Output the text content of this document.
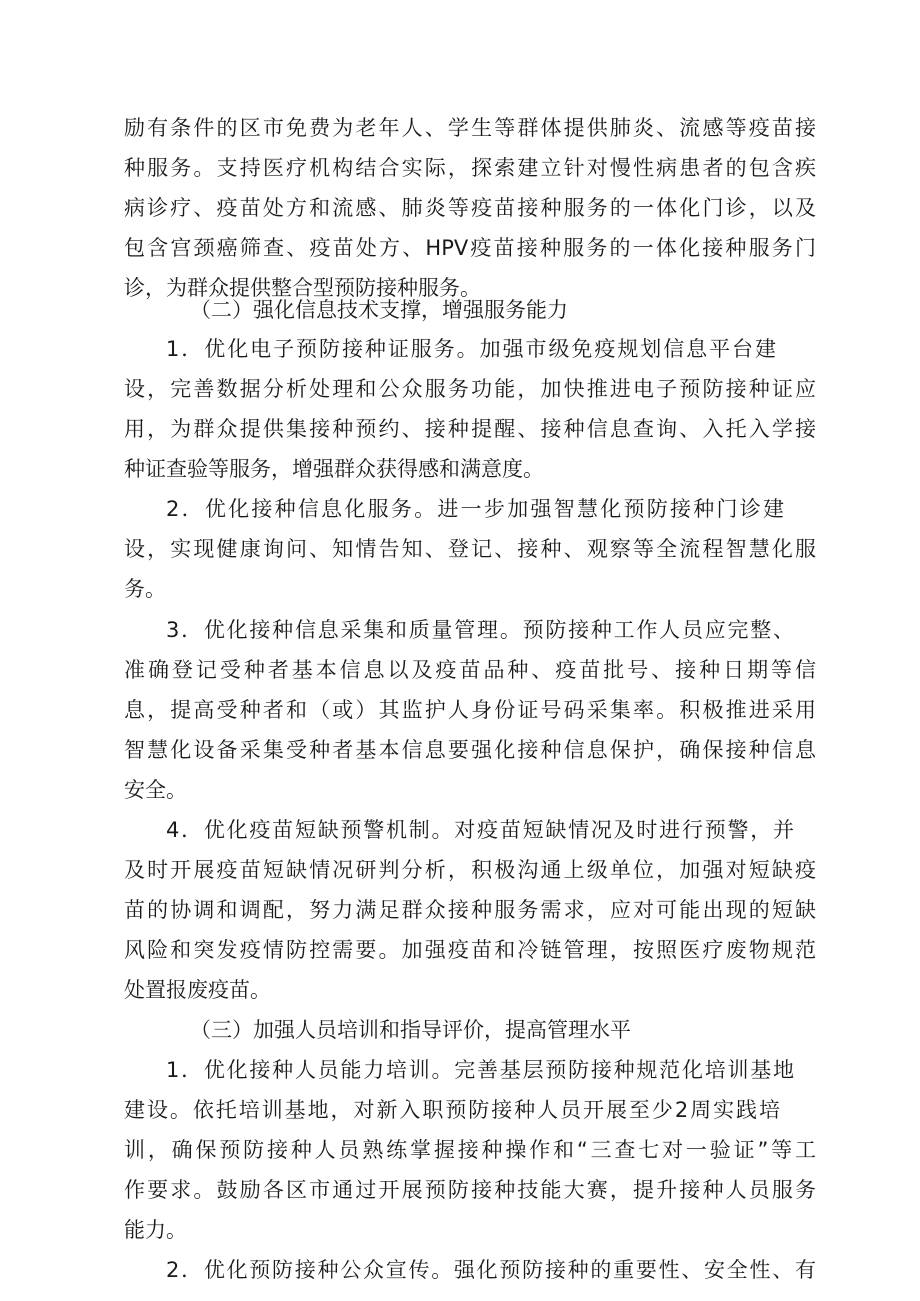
励有条件的区市免费为老年人、学生等群体提供肺炎、流感等疫苗接
种服务。支持医疗机构结合实际，探索建立针对慢性病患者的包含疾
病诊疗、疫苗处方和流感、肺炎等疫苗接种服务的一体化门诊，以及
包含宫颈癌筛查、疫苗处方、HPV疫苗接种服务的一体化接种服务门
诊，为群众提供整合型预防接种服务。
（二）强化信息技术支撑，增强服务能力
1．优化电子预防接种证服务。加强市级免疫规划信息平台建
设，完善数据分析处理和公众服务功能，加快推进电子预防接种证应
用，为群众提供集接种预约、接种提醒、接种信息查询、入托入学接
种证查验等服务，增强群众获得感和满意度。
2．优化接种信息化服务。进一步加强智慧化预防接种门诊建
设，实现健康询问、知情告知、登记、接种、观察等全流程智慧化服
务。
3．优化接种信息采集和质量管理。预防接种工作人员应完整、
准确登记受种者基本信息以及疫苗品种、疫苗批号、接种日期等信
息，提高受种者和（或）其监护人身份证号码采集率。积极推进采用
智慧化设备采集受种者基本信息要强化接种信息保护，确保接种信息
安全。
4．优化疫苗短缺预警机制。对疫苗短缺情况及时进行预警，并
及时开展疫苗短缺情况研判分析，积极沟通上级单位，加强对短缺疫
苗的协调和调配，努力满足群众接种服务需求，应对可能出现的短缺
风险和突发疫情防控需要。加强疫苗和冷链管理，按照医疗废物规范
处置报废疫苗。
（三）加强人员培训和指导评价，提高管理水平
1．优化接种人员能力培训。完善基层预防接种规范化培训基地
建设。依托培训基地，对新入职预防接种人员开展至少2周实践培
训，确保预防接种人员熟练掌握接种操作和“三查七对一验证”等工
作要求。鼓励各区市通过开展预防接种技能大赛，提升接种人员服务
能力。
2．优化预防接种公众宣传。强化预防接种的重要性、安全性、有
